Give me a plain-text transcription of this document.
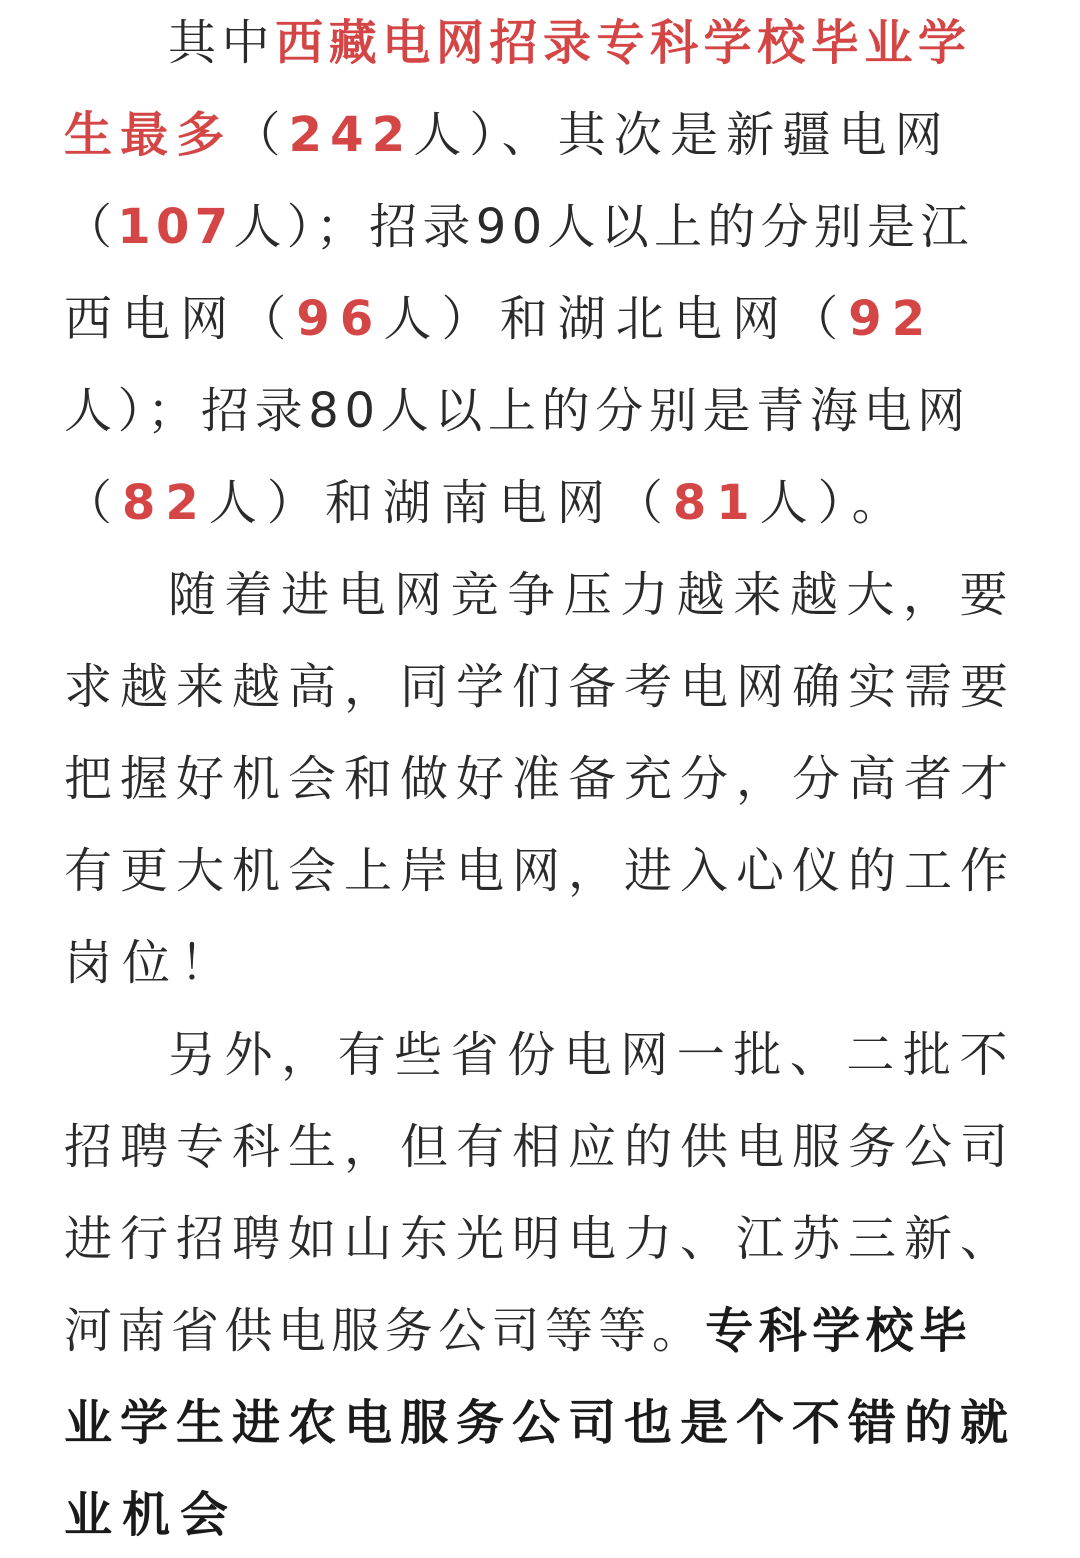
其中西藏电网招录专科学校毕业学
生最多（242人）、其次是新疆电网
（107人）；招录90人以上的分别是江
西电网（96人）和湖北电网（92
人）；招录80人以上的分别是青海电网
（82人）和湖南电网（81人）。
随着进电网竞争压力越来越大，要
求越来越高，同学们备考电网确实需要
把握好机会和做好准备充分，分高者才
有更大机会上岸电网，进入心仪的工作
岗位！
另外，有些省份电网一批、二批不
招聘专科生，但有相应的供电服务公司
进行招聘如山东光明电力、江苏三新、
河南省供电服务公司等等。专科学校毕
业学生进农电服务公司也是个不错的就
业机会
